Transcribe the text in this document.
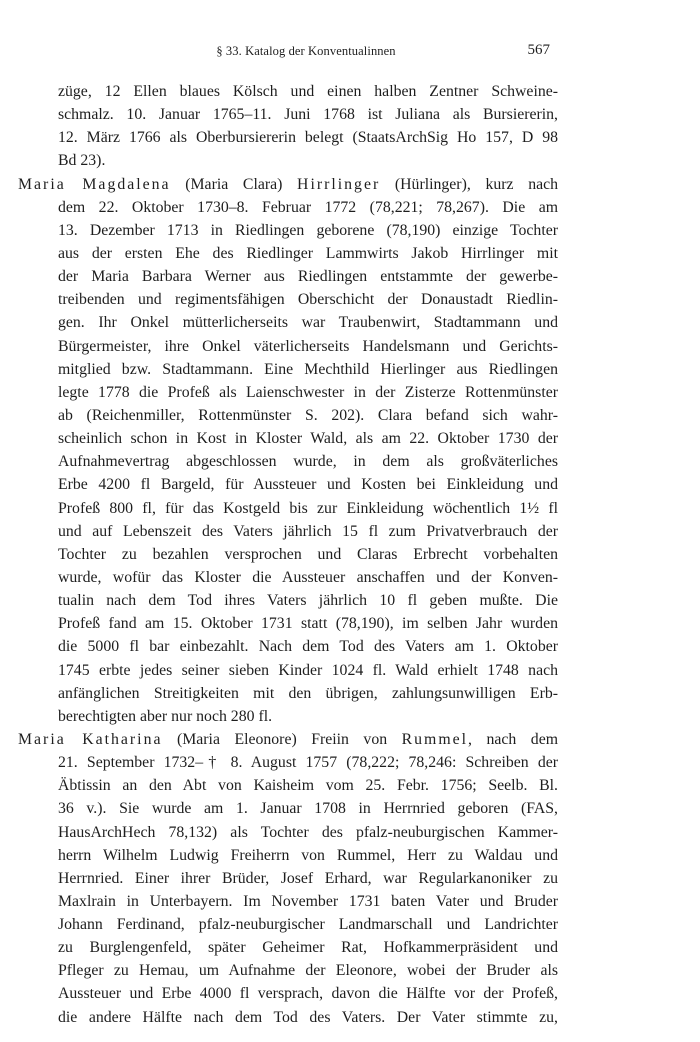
§ 33. Katalog der Konventualinnen	567
züge, 12 Ellen blaues Kölsch und einen halben Zentner Schweine-
schmalz. 10. Januar 1765–11. Juni 1768 ist Juliana als Bursiererin,
12. März 1766 als Oberbursiererin belegt (StaatsArchSig Ho 157, D 98
Bd 23).
Maria Magdalena (Maria Clara) Hirrlinger (Hürlinger), kurz nach
dem 22. Oktober 1730–8. Februar 1772 (78,221; 78,267). Die am
13. Dezember 1713 in Riedlingen geborene (78,190) einzige Tochter
aus der ersten Ehe des Riedlinger Lammwirts Jakob Hirrlinger mit
der Maria Barbara Werner aus Riedlingen entstammte der gewerbe-
treibenden und regimentsfähigen Oberschicht der Donaustadt Riedlin-
gen. Ihr Onkel mütterlicherseits war Traubenwirt, Stadtammann und
Bürgermeister, ihre Onkel väterlicherseits Handelsmann und Gerichts-
mitglied bzw. Stadtammann. Eine Mechthild Hierlinger aus Riedlingen
legte 1778 die Profeß als Laienschwester in der Zisterze Rottenmünster
ab (Reichenmiller, Rottenmünster S. 202). Clara befand sich wahr-
scheinlich schon in Kost in Kloster Wald, als am 22. Oktober 1730 der
Aufnahmevertrag abgeschlossen wurde, in dem als großväterliches
Erbe 4200 fl Bargeld, für Aussteuer und Kosten bei Einkleidung und
Profeß 800 fl, für das Kostgeld bis zur Einkleidung wöchentlich 1½ fl
und auf Lebenszeit des Vaters jährlich 15 fl zum Privatverbrauch der
Tochter zu bezahlen versprochen und Claras Erbrecht vorbehalten
wurde, wofür das Kloster die Aussteuer anschaffen und der Konven-
tualin nach dem Tod ihres Vaters jährlich 10 fl geben mußte. Die
Profeß fand am 15. Oktober 1731 statt (78,190), im selben Jahr wurden
die 5000 fl bar einbezahlt. Nach dem Tod des Vaters am 1. Oktober
1745 erbte jedes seiner sieben Kinder 1024 fl. Wald erhielt 1748 nach
anfänglichen Streitigkeiten mit den übrigen, zahlungsunwilligen Erb-
berechtigten aber nur noch 280 fl.
Maria Katharina (Maria Eleonore) Freiin von Rummel, nach dem
21. September 1732–† 8. August 1757 (78,222; 78,246: Schreiben der
Äbtissin an den Abt von Kaisheim vom 25. Febr. 1756; Seelb. Bl.
36 v.). Sie wurde am 1. Januar 1708 in Herrnried geboren (FAS,
HausArchHech 78,132) als Tochter des pfalz-neuburgischen Kammer-
herrn Wilhelm Ludwig Freiherrn von Rummel, Herr zu Waldau und
Herrnried. Einer ihrer Brüder, Josef Erhard, war Regularkanoniker zu
Maxlrain in Unterbayern. Im November 1731 baten Vater und Bruder
Johann Ferdinand, pfalz-neuburgischer Landmarschall und Landrichter
zu Burglengenfeld, später Geheimer Rat, Hofkammerpräsident und
Pfleger zu Hemau, um Aufnahme der Eleonore, wobei der Bruder als
Aussteuer und Erbe 4000 fl versprach, davon die Hälfte vor der Profeß,
die andere Hälfte nach dem Tod des Vaters. Der Vater stimmte zu,
